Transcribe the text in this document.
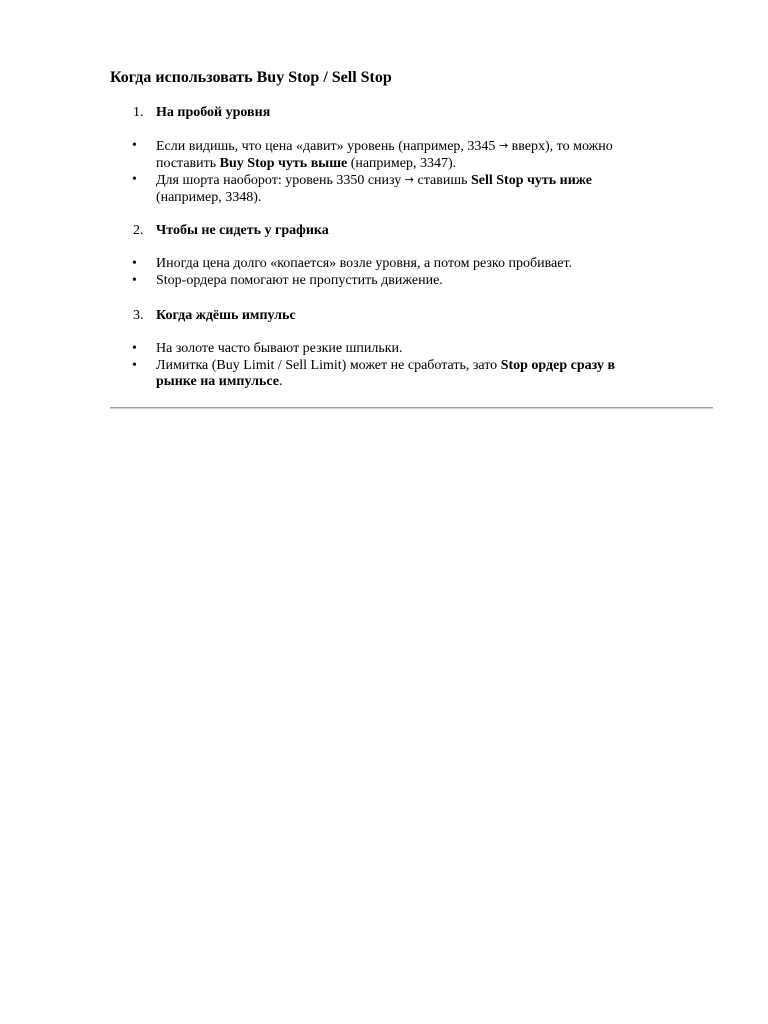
Когда использовать Buy Stop / Sell Stop
1. На пробой уровня
• Если видишь, что цена «давит» уровень (например, 3345 → вверх), то можно
поставить Buy Stop чуть выше (например, 3347).
• Для шорта наоборот: уровень 3350 снизу → ставишь Sell Stop чуть ниже
(например, 3348).
2. Чтобы не сидеть у графика
• Иногда цена долго «копается» возле уровня, а потом резко пробивает.
• Stop-ордера помогают не пропустить движение.
3. Когда ждёшь импульс
• На золоте часто бывают резкие шпильки.
• Лимитка (Buy Limit / Sell Limit) может не сработать, зато Stop ордер сразу в
рынке на импульсе.
